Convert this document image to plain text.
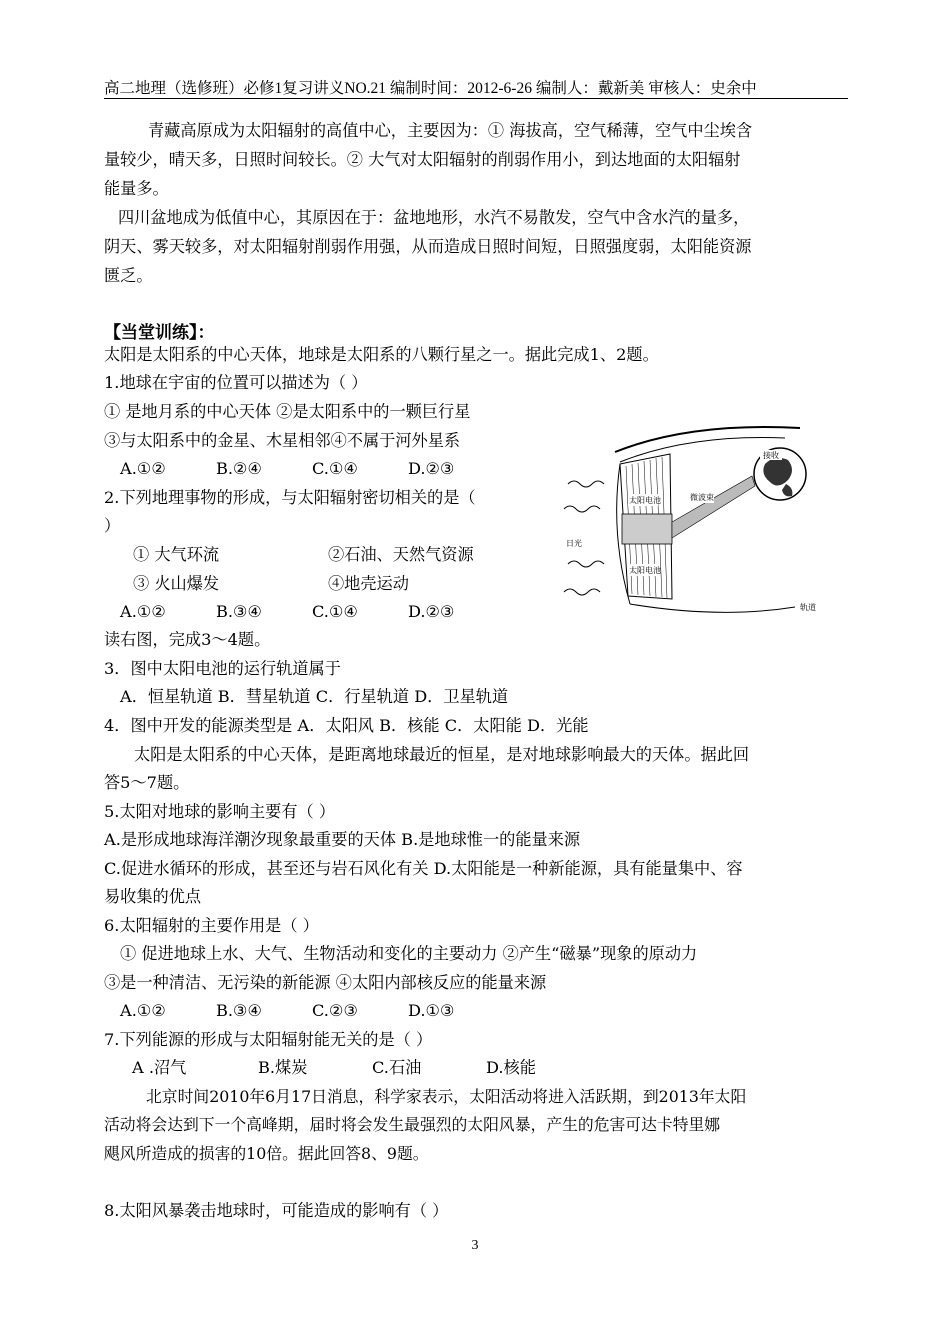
高二地理（选修班）必修1复习讲义NO.21 编制时间：2012-6-26 编制人：戴新美 审核人：史余中
青藏高原成为太阳辐射的高值中心，主要因为：① 海拔高，空气稀薄，空气中尘埃含
量较少，晴天多，日照时间较长。② 大气对太阳辐射的削弱作用小，到达地面的太阳辐射
能量多。
四川盆地成为低值中心，其原因在于：盆地地形，水汽不易散发，空气中含水汽的量多，
阴天、雾天较多，对太阳辐射削弱作用强，从而造成日照时间短，日照强度弱，太阳能资源
匮乏。
【当堂训练】：
太阳是太阳系的中心天体，地球是太阳系的八颗行星之一。据此完成1、2题。
1.地球在宇宙的位置可以描述为（ ）
① 是地月系的中心天体 ②是太阳系中的一颗巨行星
③与太阳系中的金星、木星相邻④不属于河外星系
A.①②	B.②④	C.①④	D.②③
2.下列地理事物的形成，与太阳辐射密切相关的是（
）
① 大气环流	②石油、天然气资源
③ 火山爆发	④地壳运动
A.①②	B.③④	C.①④	D.②③
太阳电池
太阳电池
微波束
接收
日光
轨道
读右图，完成3～4题。
3．图中太阳电池的运行轨道属于
A．恒星轨道 B．彗星轨道 C．行星轨道 D．卫星轨道
4．图中开发的能源类型是 A．太阳风 B．核能 C．太阳能 D．光能
太阳是太阳系的中心天体，是距离地球最近的恒星，是对地球影响最大的天体。据此回
答5～7题。
5.太阳对地球的影响主要有（ ）
A.是形成地球海洋潮汐现象最重要的天体 B.是地球惟一的能量来源
C.促进水循环的形成，甚至还与岩石风化有关 D.太阳能是一种新能源，具有能量集中、容
易收集的优点
6.太阳辐射的主要作用是（ ）
① 促进地球上水、大气、生物活动和变化的主要动力 ②产生“磁暴”现象的原动力
③是一种清洁、无污染的新能源 ④太阳内部核反应的能量来源
A.①②	B.③④	C.②③	D.①③
7.下列能源的形成与太阳辐射能无关的是（ ）
A .沼气	B.煤炭	C.石油	D.核能
北京时间2010年6月17日消息，科学家表示，太阳活动将进入活跃期，到2013年太阳
活动将会达到下一个高峰期，届时将会发生最强烈的太阳风暴，产生的危害可达卡特里娜
飓风所造成的损害的10倍。据此回答8、9题。
8.太阳风暴袭击地球时，可能造成的影响有（ ）
3
